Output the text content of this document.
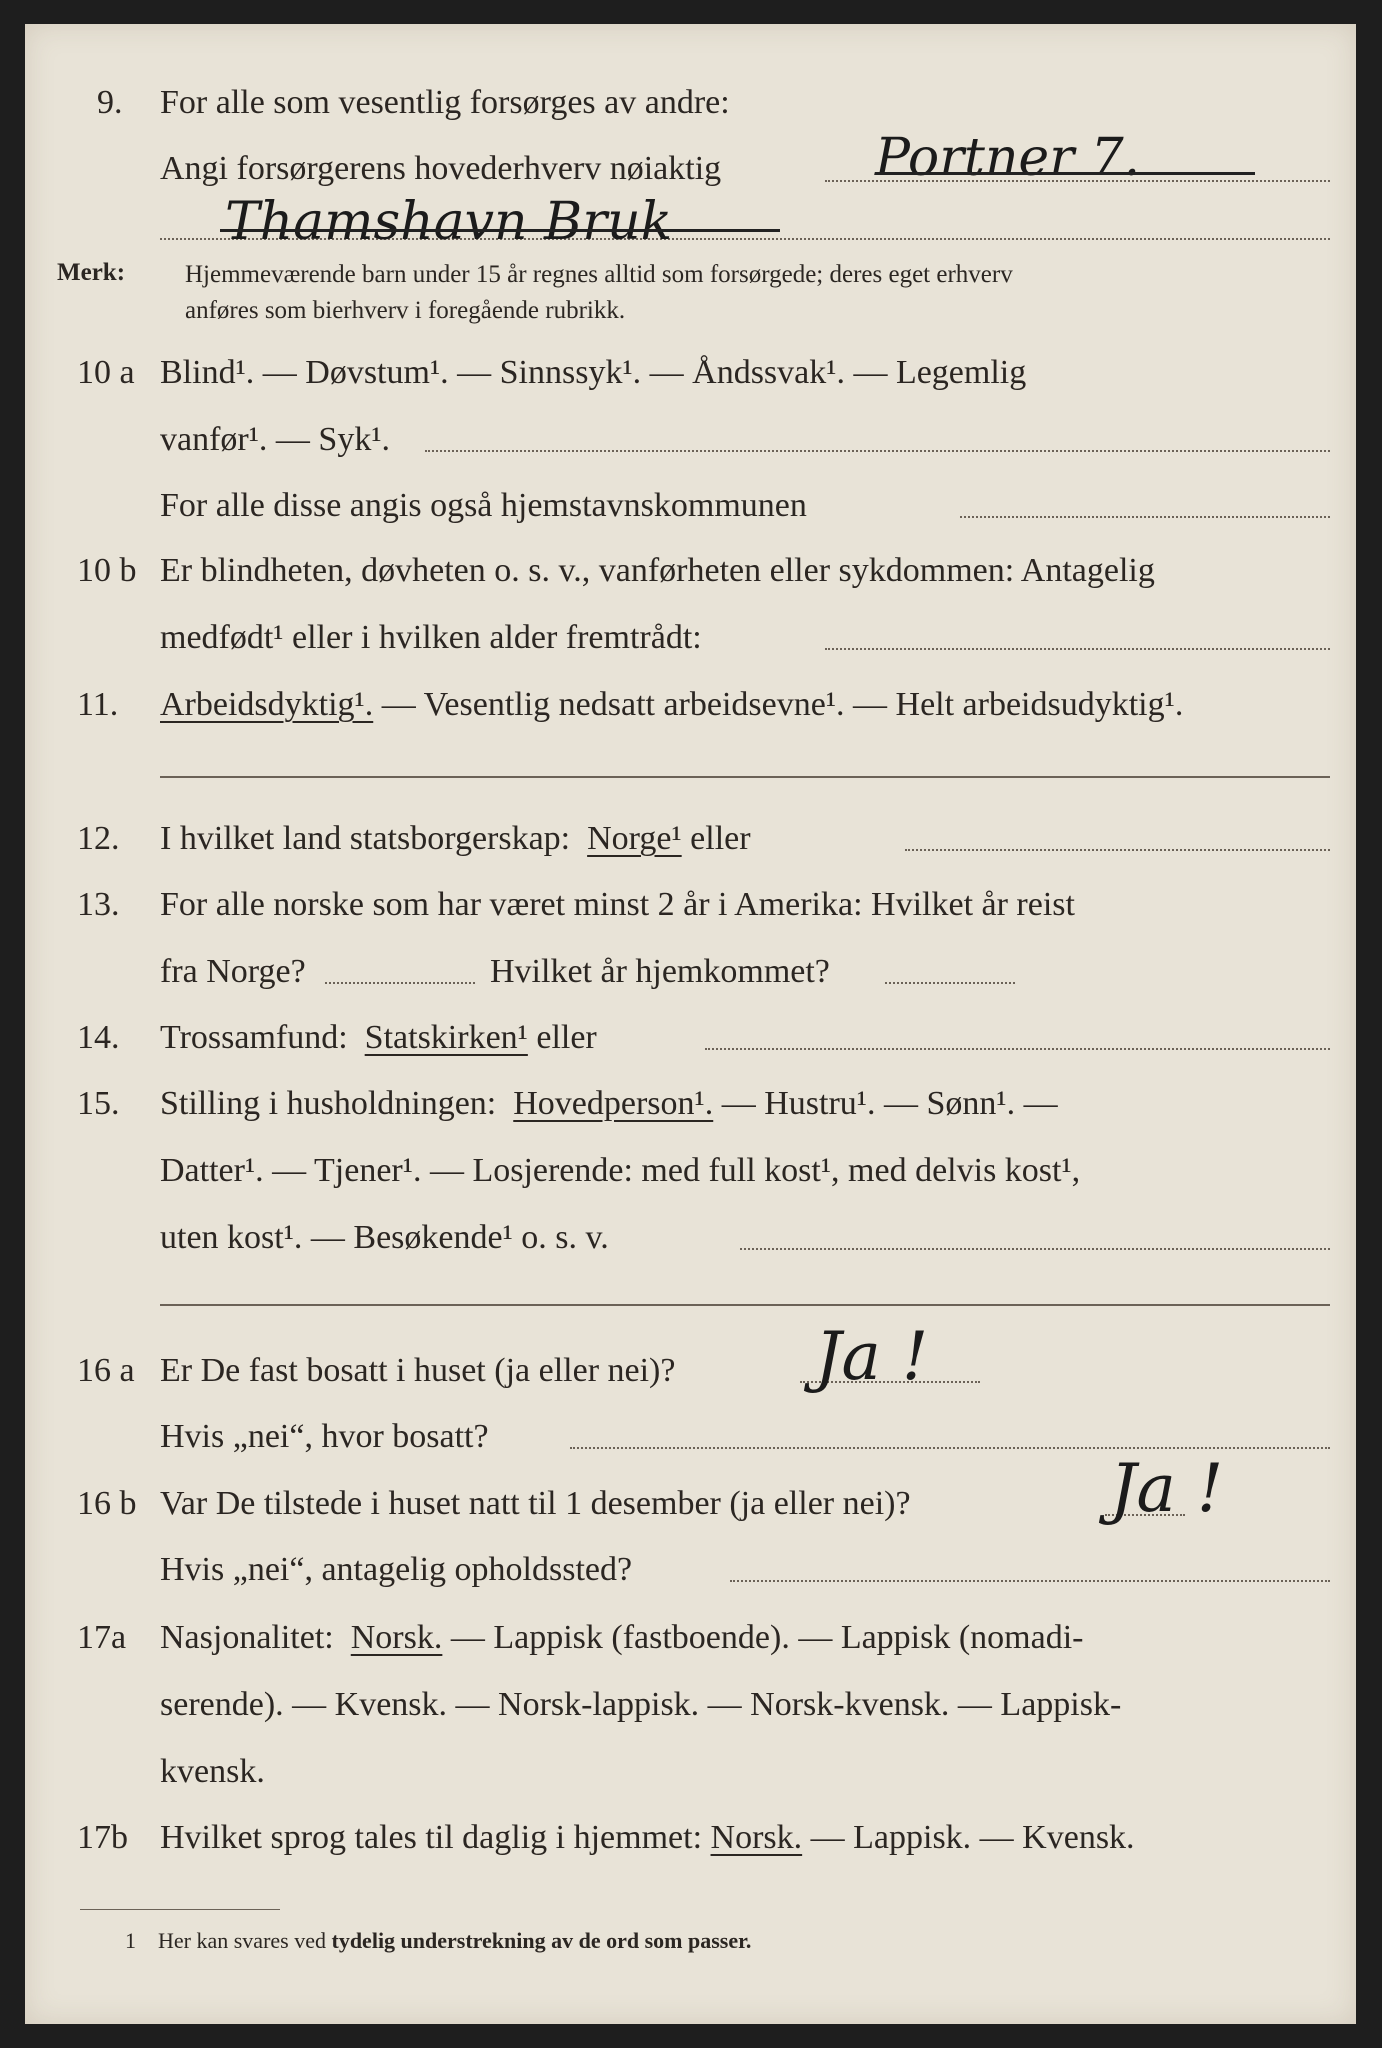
9. For alle som vesentlig forsørges av andre:
Angi forsørgerens hovederhverv nøiaktig	Portner 7.
Thamshavn Bruk
Merk: Hjemmeværende barn under 15 år regnes alltid som forsørgede; deres eget erhverv
anføres som bierhverv i foregående rubrikk.
10 a Blind¹. — Døvstum¹. — Sinnssyk¹. — Åndssvak¹. — Legemlig
vanfør¹. — Syk¹.
For alle disse angis også hjemstavnskommunen
10 b Er blindheten, døvheten o. s. v., vanførheten eller sykdommen: Antagelig
medfødt¹ eller i hvilken alder fremtrådt:
11. Arbeidsdyktig¹. — Vesentlig nedsatt arbeidsevne¹. — Helt arbeidsudyktig¹.
12. I hvilket land statsborgerskap: Norge¹ eller
13. For alle norske som har været minst 2 år i Amerika: Hvilket år reist
fra Norge?	Hvilket år hjemkommet?
14. Trossamfund: Statskirken¹ eller
15. Stilling i husholdningen: Hovedperson¹. — Hustru¹. — Sønn¹. —
Datter¹. — Tjener¹. — Losjerende: med full kost¹, med delvis kost¹,
uten kost¹. — Besøkende¹ o. s. v.
16 a Er De fast bosatt i huset (ja eller nei)? Ja !
Hvis „nei“, hvor bosatt?
16 b Var De tilstede i huset natt til 1 desember (ja eller nei)?	Ja !
Hvis „nei“, antagelig opholdssted?
17a Nasjonalitet: Norsk. — Lappisk (fastboende). — Lappisk (nomadi-
serende). — Kvensk. — Norsk-lappisk. — Norsk-kvensk. — Lappisk-
kvensk.
17b Hvilket sprog tales til daglig i hjemmet: Norsk. — Lappisk. — Kvensk.
1 Her kan svares ved tydelig understrekning av de ord som passer.
